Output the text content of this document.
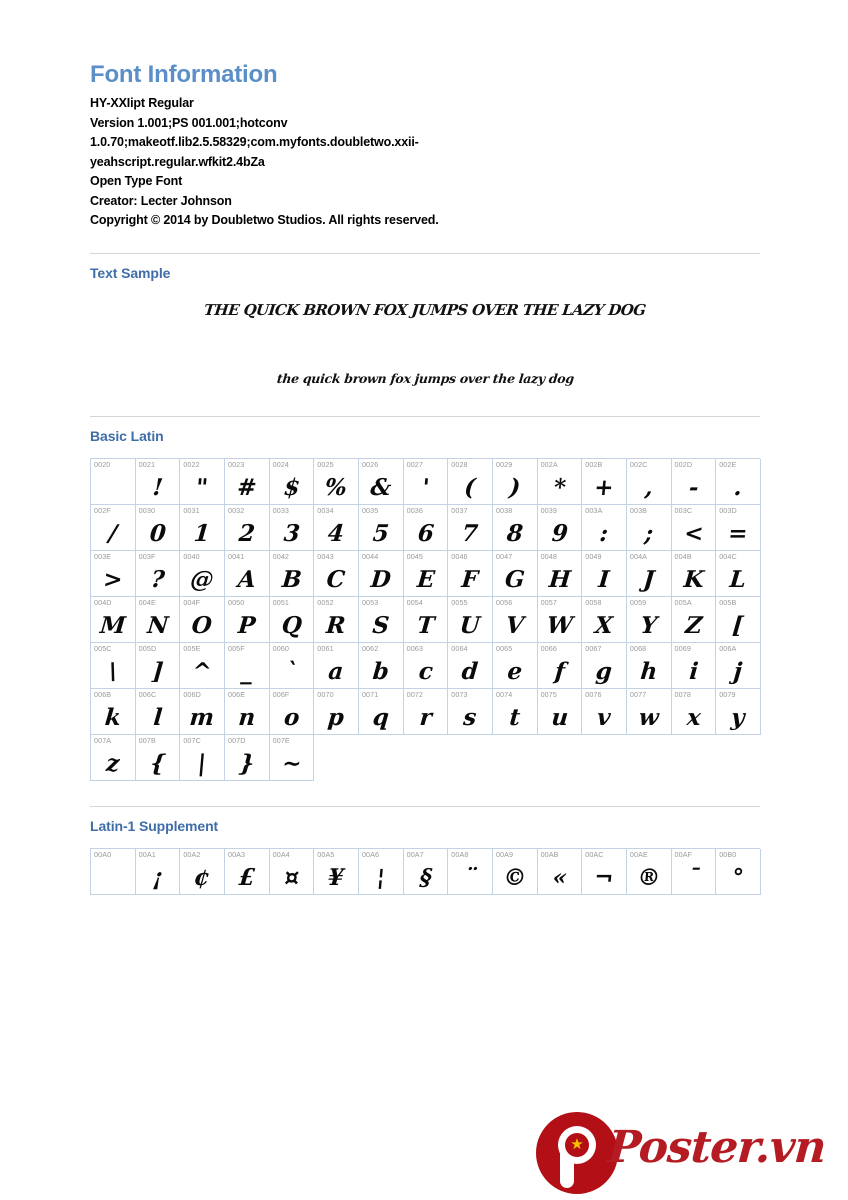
Font Information
HY-XXIipt Regular
Version 1.001;PS 001.001;hotconv
1.0.70;makeotf.lib2.5.58329;com.myfonts.doubletwo.xxii-
yeahscript.regular.wfkit2.4bZa
Open Type Font
Creator: Lecter Johnson
Copyright © 2014 by Doubletwo Studios. All rights reserved.
Text Sample
THE QUICK BROWN FOX JUMPS OVER THE LAZY DOG
the quick brown fox jumps over the lazy dog
Basic Latin
0020	0021
!
0022
"
0023
#
0024
$
0025
%
0026
&
0027
'
0028
(
0029
)
002A
*
002B
+
002C
,
002D
-
002E
.
002F
/
0030
0
0031
1
0032
2
0033
3
0034
4
0035
5
0036
6
0037
7
0038
8
0039
9
003A
:
003B
;
003C
<
003D
=
003E
>
003F
?
0040
@
0041
A
0042
B
0043
C
0044
D
0045
E
0046
F
0047
G
0048
H
0049
I
004A
J
004B
K
004C
L
004D
M
004E
N
004F
O
0050
P
0051
Q
0052
R
0053
S
0054
T
0055
U
0056
V
0057
W
0058
X
0059
Y
005A
Z
005B
[
005C
\
005D
]
005E
^
005F
_
0060
`
0061
a
0062
b
0063
c
0064
d
0065
e
0066
f
0067
g
0068
h
0069
i
006A
j
006B
k
006C
l
006D
m
006E
n
006F
o
0070
p
0071
q
0072
r
0073
s
0074
t
0075
u
0076
v
0077
w
0078
x
0079
y
007A
z
007B
{
007C
|
007D
}
007E
~
Latin-1 Supplement
00A0	00A1
¡
00A2
¢
00A3
£
00A4
¤
00A5
¥
00A6
¦
00A7
§
00A8
¨
00A9
©
00AB
«
00AC
¬
00AE
®
00AF
¯
00B0
°
★ Poster.vn
